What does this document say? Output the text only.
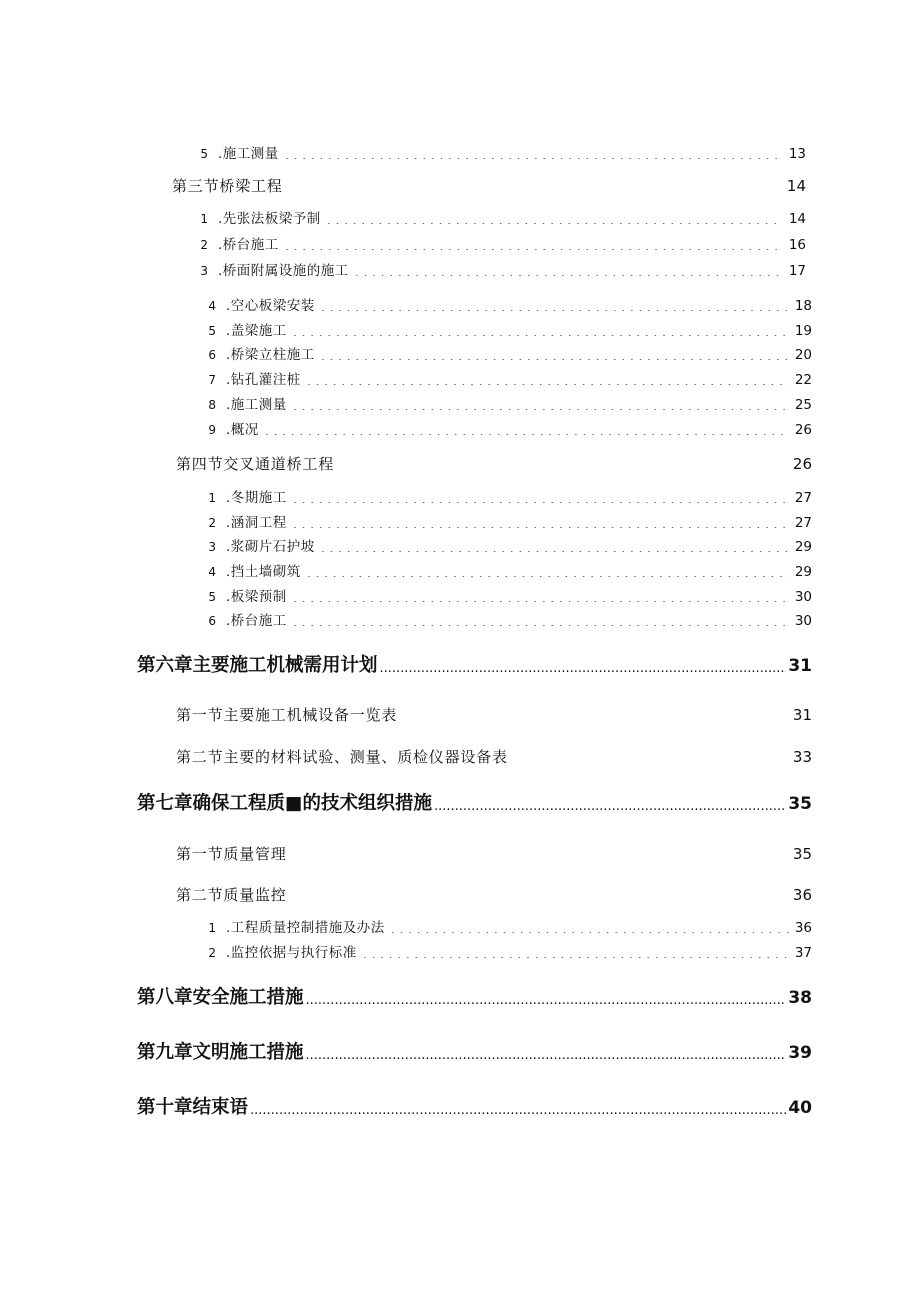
5 .施工测量 . . .	13
第三节桥梁工程 . . .	14
1 .先张法板梁予制 . . .	14
2 .桥台施工 . . .	16
3 .桥面附属设施的施工 . . .	17
4 .空心板梁安装 . . .	18
5 .盖梁施工 . . .	19
6 .桥梁立柱施工 . . .	20
7 .钻孔灌注桩 . . .	22
8 .施工测量 . . .	25
9 .概况 . . .	26
第四节交叉通道桥工程 . . .	26
1 .冬期施工 . . .	27
2 .涵洞工程 . . .	27
3 .浆砌片石护坡 . . .	29
4 .挡土墙砌筑 . . .	29
5 .板梁预制 . . .	30
6 .桥台施工 . . .	30
第六章主要施工机械需用计划 .....	31
第一节主要施工机械设备一览表 . . .	31
第二节主要的材料试验、测量、质检仪器设备表 . . .	33
第七章确保工程质■的技术组织措施 .....	35
第一节质量管理 . . .	35
第二节质量监控 . . .	36
1 .工程质量控制措施及办法 . . .	36
2 .监控依据与执行标准 . . .	37
第八章安全施工措施 .....	38
第九章文明施工措施 .....	39
第十章结束语 .....	40
